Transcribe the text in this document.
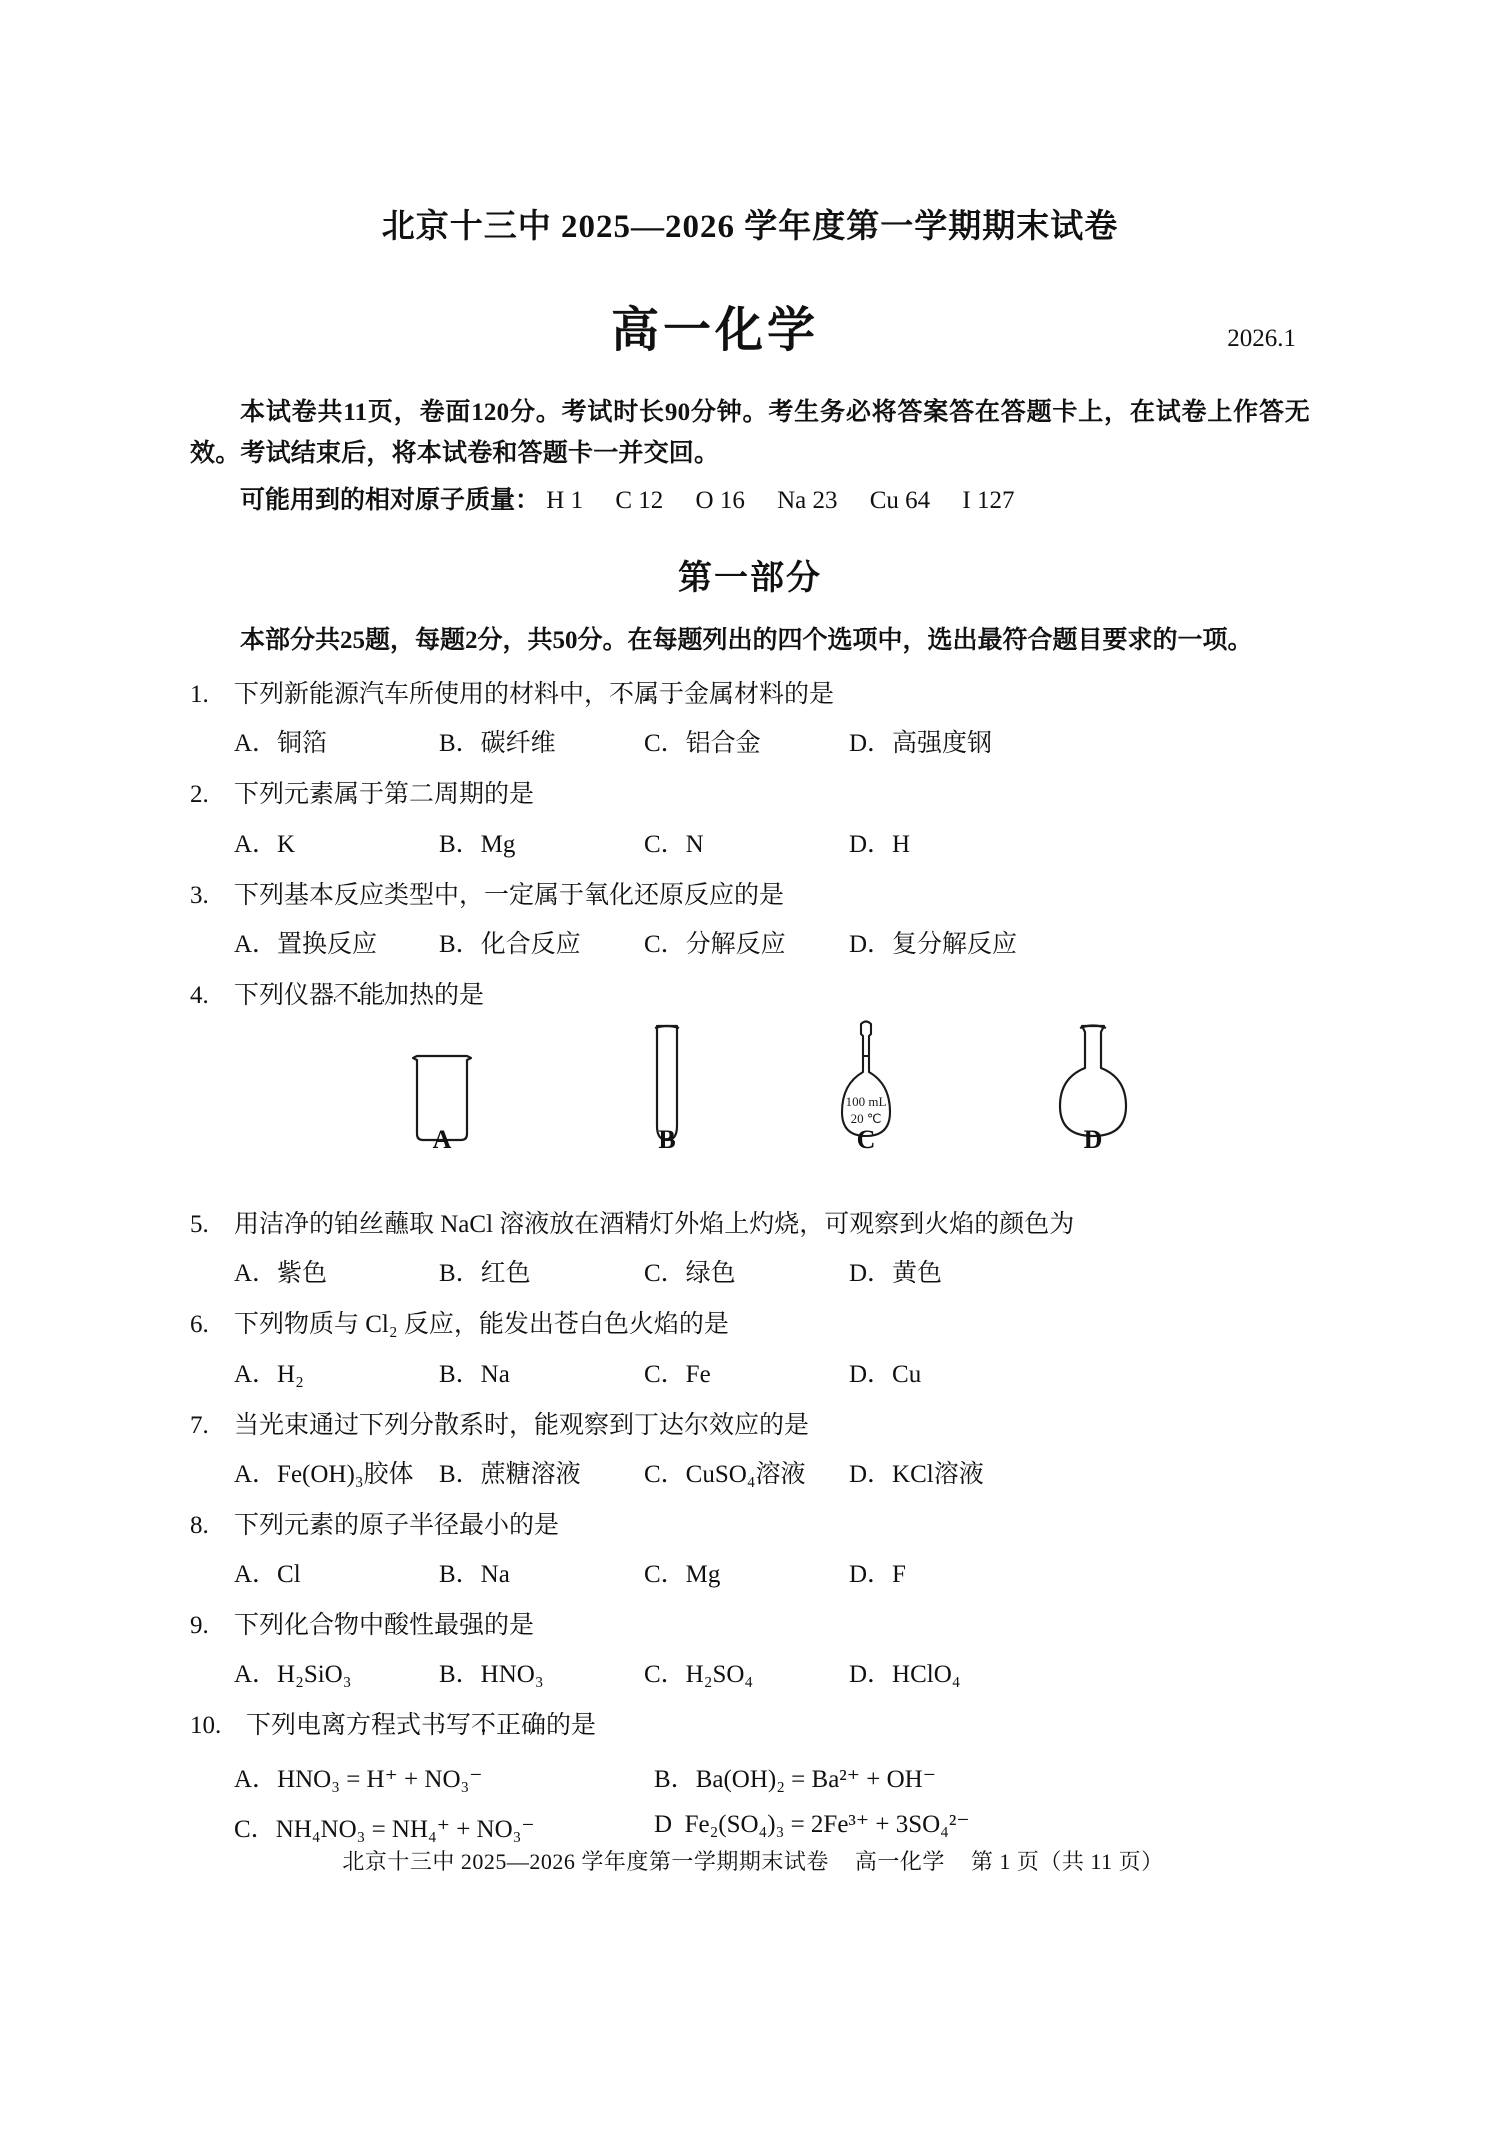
北京十三中 2025—2026 学年度第一学期期末试卷
高一化学	2026.1

本试卷共11页，卷面120分。考试时长90分钟。考生务必将答案答在答题卡上，在试卷上作答无效。考试结束后，将本试卷和答题卡一并交回。

可能用到的相对原子质量： H 1 C 12 O 16 Na 23 Cu 64 I 127
第一部分
本部分共25题，每题2分，共50分。在每题列出的四个选项中，选出最符合题目要求的一项。
1.	下列新能源汽车所使用的材料中，不属于金属材料的是
A．铜箔	B．碳纤维	C．铝合金	D．高强度钢
2.	下列元素属于第二周期的是
A．K	B．Mg	C．N	D．H
3.	下列基本反应类型中，一定属于氧化还原反应的是
A．置换反应	B．化合反应	C．分解反应	D．复分解反应
4.	下列仪器不能加热的是
A	B
100 mL
20 ℃
C	D
5.	用洁净的铂丝蘸取 NaCl 溶液放在酒精灯外焰上灼烧，可观察到火焰的颜色为
A．紫色	B．红色	C．绿色	D．黄色
6.	下列物质与 Cl₂ 反应，能发出苍白色火焰的是
A．H₂	B．Na	C．Fe	D．Cu
7.	当光束通过下列分散系时，能观察到丁达尔效应的是
A．Fe(OH)₃胶体	B．蔗糖溶液	C．CuSO₄溶液	D．KCl溶液
8.	下列元素的原子半径最小的是
A．Cl	B．Na	C．Mg	D．F
9.	下列化合物中酸性最强的是
A．H₂SiO₃	B．HNO₃	C．H₂SO₄	D．HClO₄
10. 下列电离方程式书写不正确的是
A．HNO₃ = H⁺ + NO₃⁻	B．Ba(OH)₂ = Ba²⁺ + OH⁻
C．NH₄NO₃ = NH₄⁺ + NO₃⁻	D Fe₂(SO₄)₃ = 2Fe³⁺ + 3SO₄²⁻
北京十三中 2025—2026 学年度第一学期期末试卷 高一化学 第 1 页（共 11 页）
